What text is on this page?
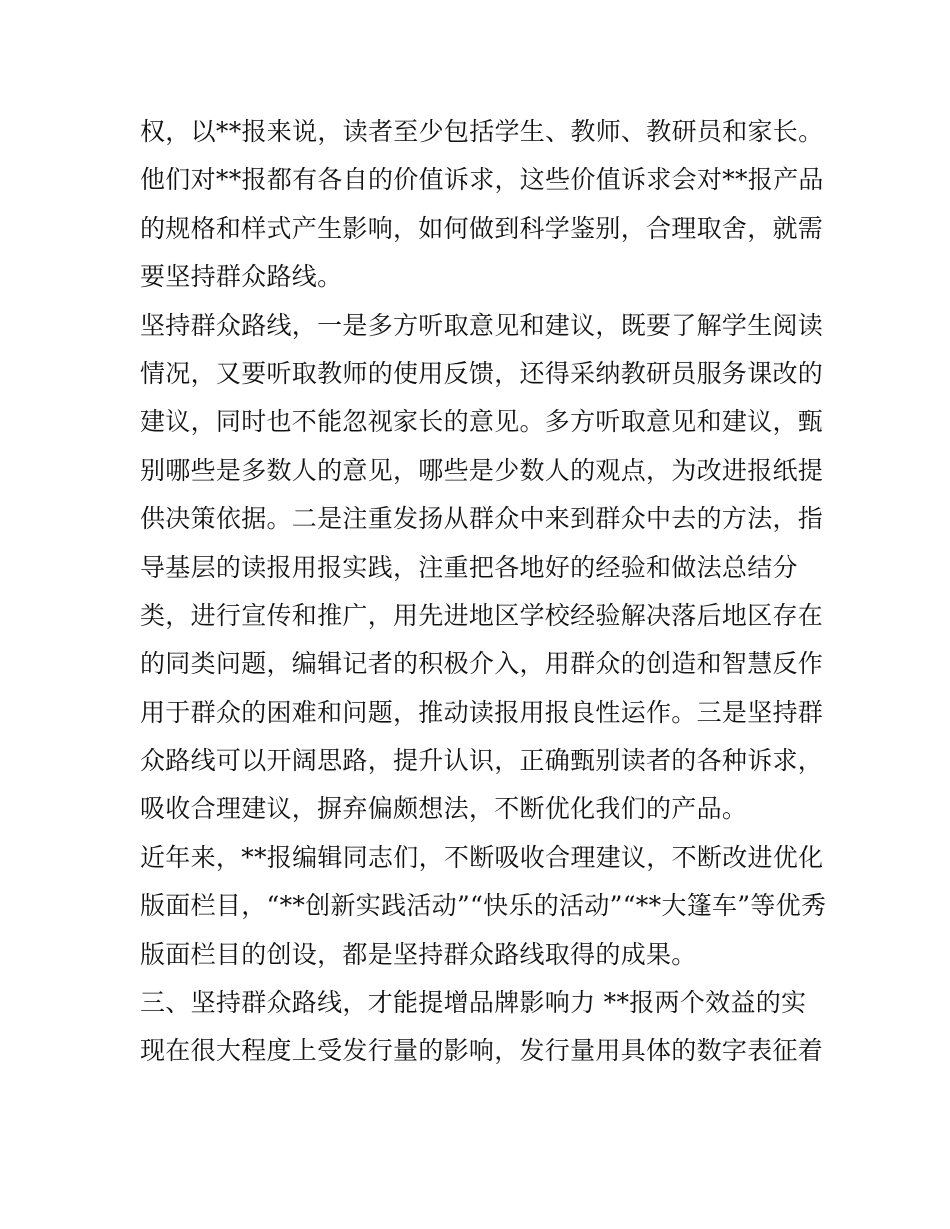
权，以**报来说，读者至少包括学生、教师、教研员和家长。
他们对**报都有各自的价值诉求，这些价值诉求会对**报产品
的规格和样式产生影响，如何做到科学鉴别，合理取舍，就需
要坚持群众路线。
坚持群众路线，一是多方听取意见和建议，既要了解学生阅读
情况，又要听取教师的使用反馈，还得采纳教研员服务课改的
建议，同时也不能忽视家长的意见。多方听取意见和建议，甄
别哪些是多数人的意见，哪些是少数人的观点，为改进报纸提
供决策依据。二是注重发扬从群众中来到群众中去的方法，指
导基层的读报用报实践，注重把各地好的经验和做法总结分
类，进行宣传和推广，用先进地区学校经验解决落后地区存在
的同类问题，编辑记者的积极介入，用群众的创造和智慧反作
用于群众的困难和问题，推动读报用报良性运作。三是坚持群
众路线可以开阔思路，提升认识，正确甄别读者的各种诉求，
吸收合理建议，摒弃偏颇想法，不断优化我们的产品。
近年来，**报编辑同志们，不断吸收合理建议，不断改进优化
版面栏目，“**创新实践活动”“快乐的活动”“**大篷车”等优秀
版面栏目的创设，都是坚持群众路线取得的成果。
三、坚持群众路线，才能提增品牌影响力 **报两个效益的实
现在很大程度上受发行量的影响，发行量用具体的数字表征着
